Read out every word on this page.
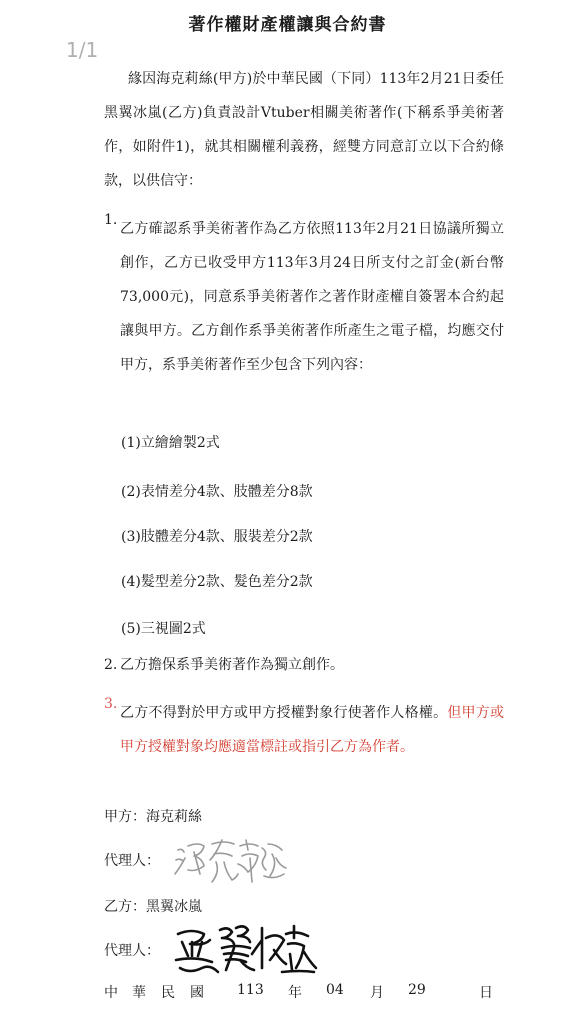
1/1
著作權財產權讓與合約書
緣因海克莉絲(甲方)於中華民國（下同）113年2月21日委任黑翼冰嵐(乙方)負責設計Vtuber相關美術著作(下稱系爭美術著作，如附件1)，就其相關權利義務，經雙方同意訂立以下合約條款，以供信守：
1.
乙方確認系爭美術著作為乙方依照113年2月21日協議所獨立創作，乙方已收受甲方113年3月24日所支付之訂金(新台幣73,000元)，同意系爭美術著作之著作財產權自簽署本合約起讓與甲方。乙方創作系爭美術著作所產生之電子檔，均應交付甲方，系爭美術著作至少包含下列內容：
(1)立繪繪製2式
(2)表情差分4款、肢體差分8款
(3)肢體差分4款、服裝差分2款
(4)髮型差分2款、髮色差分2款
(5)三視圖2式
2. 乙方擔保系爭美術著作為獨立創作。
3.
乙方不得對於甲方或甲方授權對象行使著作人格權。但甲方或甲方授權對象均應適當標註或指引乙方為作者。
甲方：海克莉絲
代理人：
乙方：黑翼冰嵐
代理人：
中 華 民 國 113 年 04 月 29	日
